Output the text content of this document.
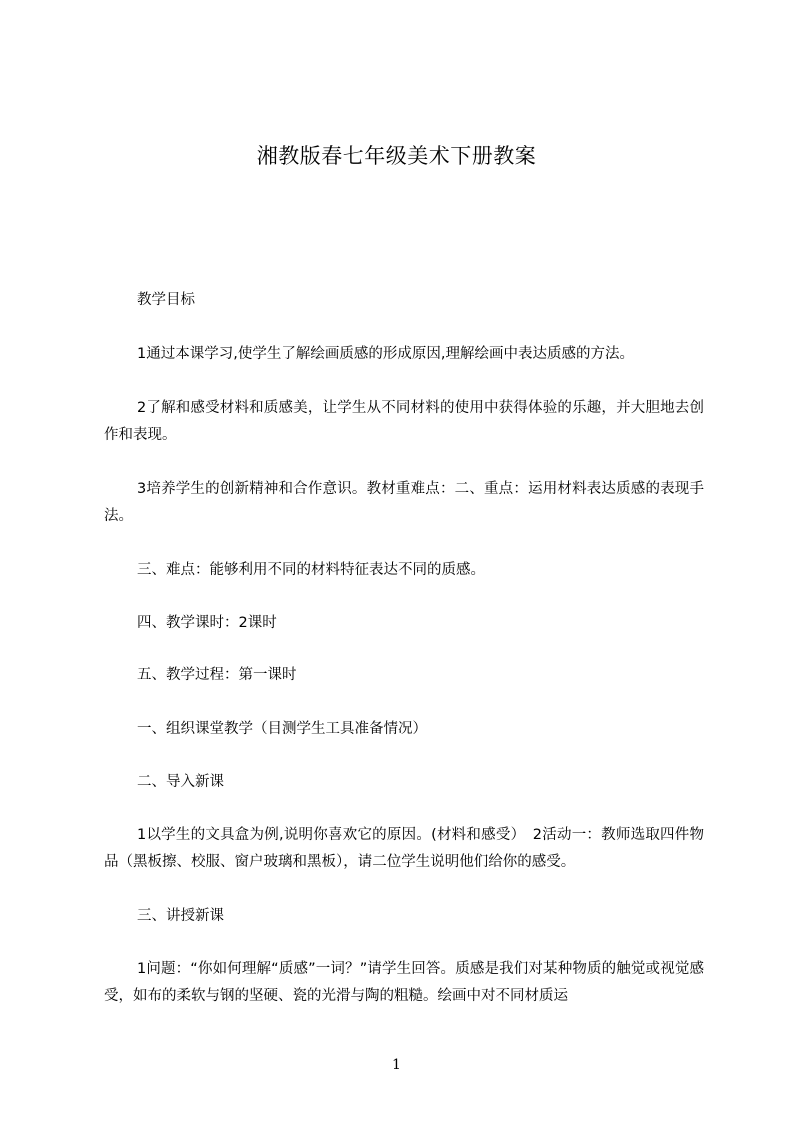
湘教版春七年级美术下册教案

教学目标

1通过本课学习,使学生了解绘画质感的形成原因,理解绘画中表达质感的方法。

2了解和感受材料和质感美，让学生从不同材料的使用中获得体验的乐趣，并大胆地去创作和表现。

3培养学生的创新精神和合作意识。教材重难点：二、重点：运用材料表达质感的表现手法。

三、难点：能够利用不同的材料特征表达不同的质感。

四、教学课时：2课时

五、教学过程：第一课时

一、组织课堂教学（目测学生工具准备情况）

二、导入新课

1以学生的文具盒为例,说明你喜欢它的原因。(材料和感受）　2活动一：教师选取四件物品（黑板擦、校服、窗户玻璃和黑板），请二位学生说明他们给你的感受。

三、讲授新课

1问题：“你如何理解“质感”一词？”请学生回答。质感是我们对某种物质的触觉或视觉感受，如布的柔软与钢的坚硬、瓷的光滑与陶的粗糙。绘画中对不同材质运

1
